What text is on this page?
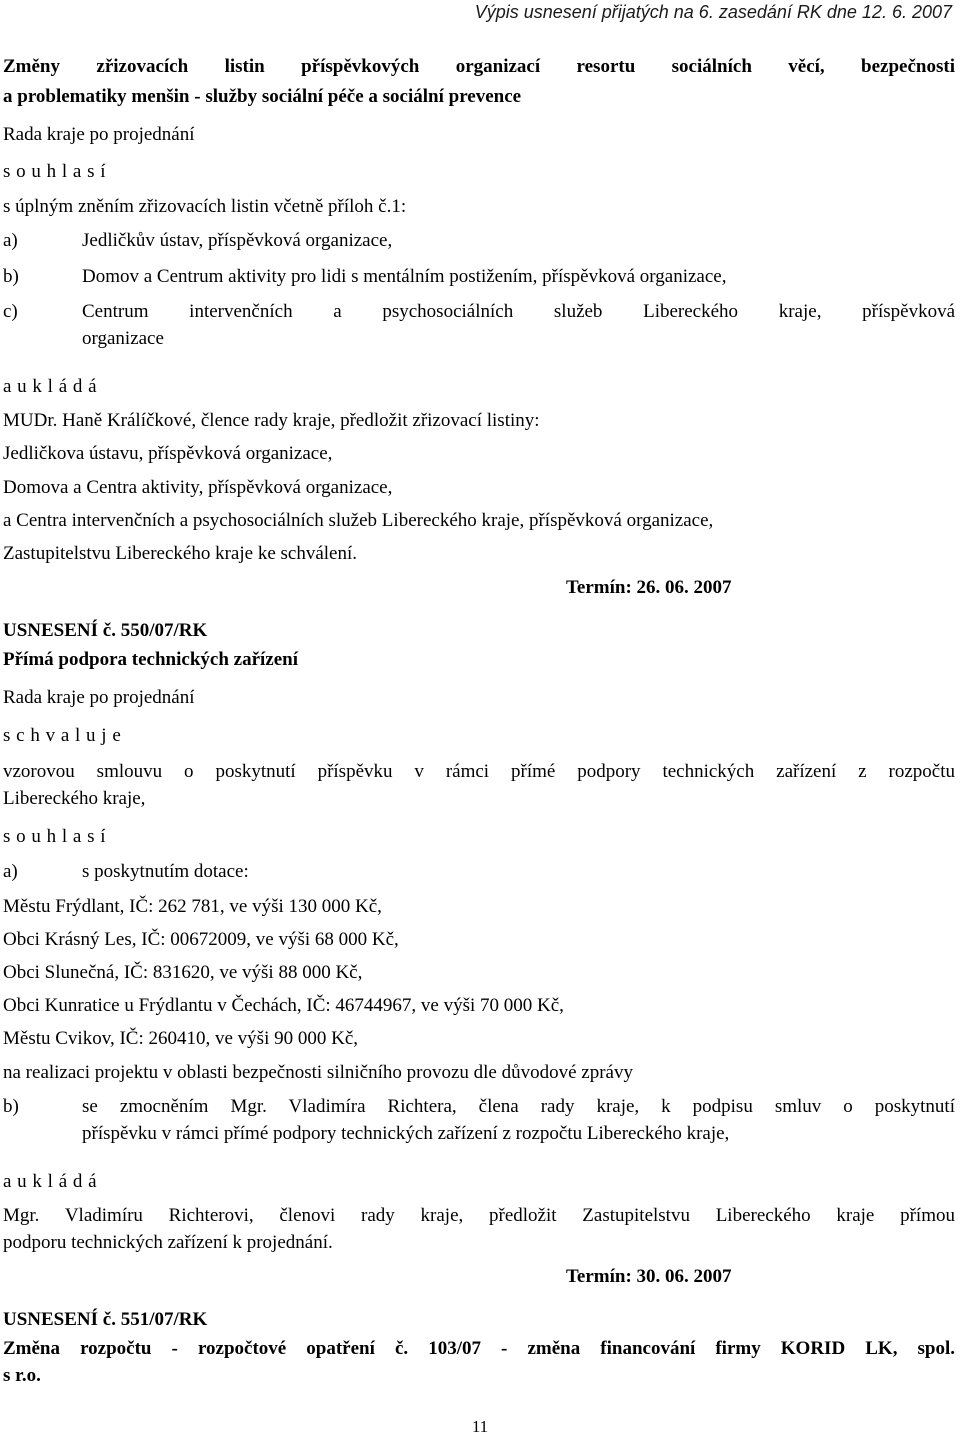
Výpis usnesení přijatých na 6. zasedání RK dne 12. 6. 2007
Změny zřizovacích listin příspěvkových organizací resortu sociálních věcí, bezpečnosti
a problematiky menšin - služby sociální péče a sociální prevence
Rada kraje po projednání
s o u h l a s í
s úplným zněním zřizovacích listin včetně příloh č.1:
a)	Jedličkův ústav, příspěvková organizace,
b)	Domov a Centrum aktivity pro lidi s mentálním postižením, příspěvková organizace,
c)	Centrum intervenčních a psychosociálních služeb Libereckého kraje, příspěvková
organizace
a u k l á d á
MUDr. Haně Králíčkové, člence rady kraje, předložit zřizovací listiny:
Jedličkova ústavu, příspěvková organizace,
Domova a Centra aktivity, příspěvková organizace,
a Centra intervenčních a psychosociálních služeb Libereckého kraje, příspěvková organizace,
Zastupitelstvu Libereckého kraje ke schválení.
Termín: 26. 06. 2007
USNESENÍ č. 550/07/RK
Přímá podpora technických zařízení
Rada kraje po projednání
s c h v a l u j e
vzorovou smlouvu o poskytnutí příspěvku v rámci přímé podpory technických zařízení z rozpočtu
Libereckého kraje,
s o u h l a s í
a)	s poskytnutím dotace:
Městu Frýdlant, IČ: 262 781, ve výši 130 000 Kč,
Obci Krásný Les, IČ: 00672009, ve výši 68 000 Kč,
Obci Slunečná, IČ: 831620, ve výši 88 000 Kč,
Obci Kunratice u Frýdlantu v Čechách, IČ: 46744967, ve výši 70 000 Kč,
Městu Cvikov, IČ: 260410, ve výši 90 000 Kč,
na realizaci projektu v oblasti bezpečnosti silničního provozu dle důvodové zprávy
b)	se zmocněním Mgr. Vladimíra Richtera, člena rady kraje, k podpisu smluv o poskytnutí
příspěvku v rámci přímé podpory technických zařízení z rozpočtu Libereckého kraje,
a u k l á d á
Mgr. Vladimíru Richterovi, členovi rady kraje, předložit Zastupitelstvu Libereckého kraje přímou
podporu technických zařízení k projednání.
Termín: 30. 06. 2007
USNESENÍ č. 551/07/RK
Změna rozpočtu - rozpočtové opatření č. 103/07 - změna financování firmy KORID LK, spol.
s r.o.
11
